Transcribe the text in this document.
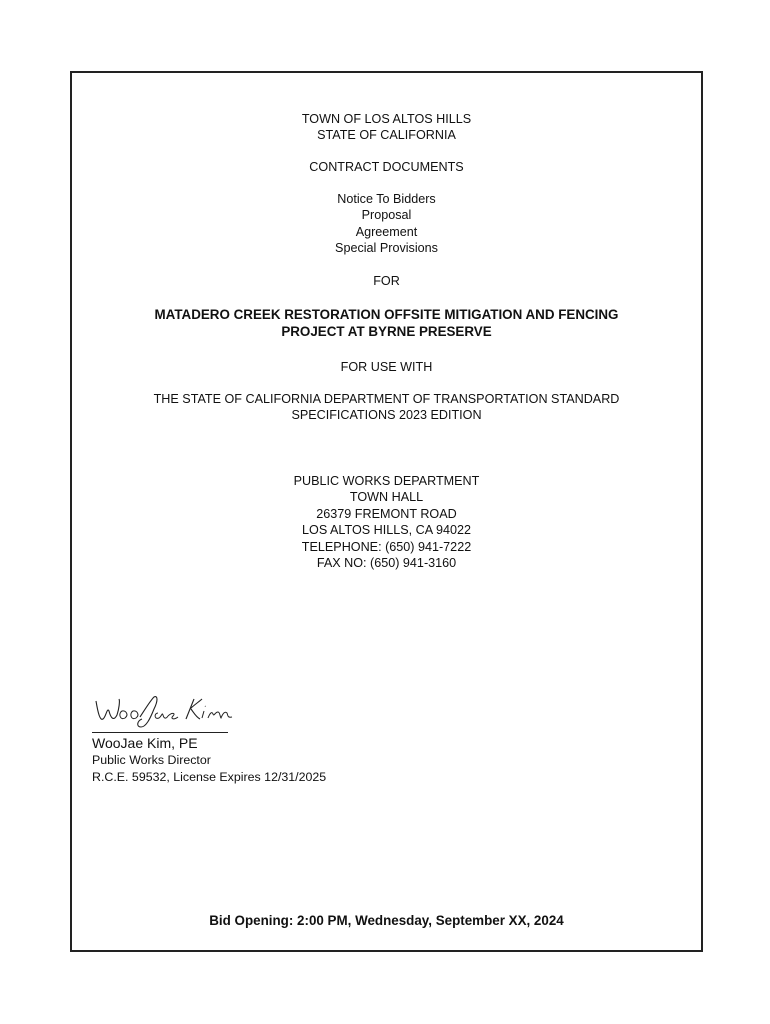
TOWN OF LOS ALTOS HILLS
STATE OF CALIFORNIA
CONTRACT DOCUMENTS
Notice To Bidders
Proposal
Agreement
Special Provisions
FOR
MATADERO CREEK RESTORATION OFFSITE MITIGATION AND FENCING
PROJECT AT BYRNE PRESERVE
FOR USE WITH
THE STATE OF CALIFORNIA DEPARTMENT OF TRANSPORTATION STANDARD
SPECIFICATIONS 2023 EDITION
PUBLIC WORKS DEPARTMENT
TOWN HALL
26379 FREMONT ROAD
LOS ALTOS HILLS, CA 94022
TELEPHONE: (650) 941-7222
FAX NO: (650) 941-3160
WooJae Kim, PE
Public Works Director
R.C.E. 59532, License Expires 12/31/2025
Bid Opening: 2:00 PM, Wednesday, September XX, 2024
